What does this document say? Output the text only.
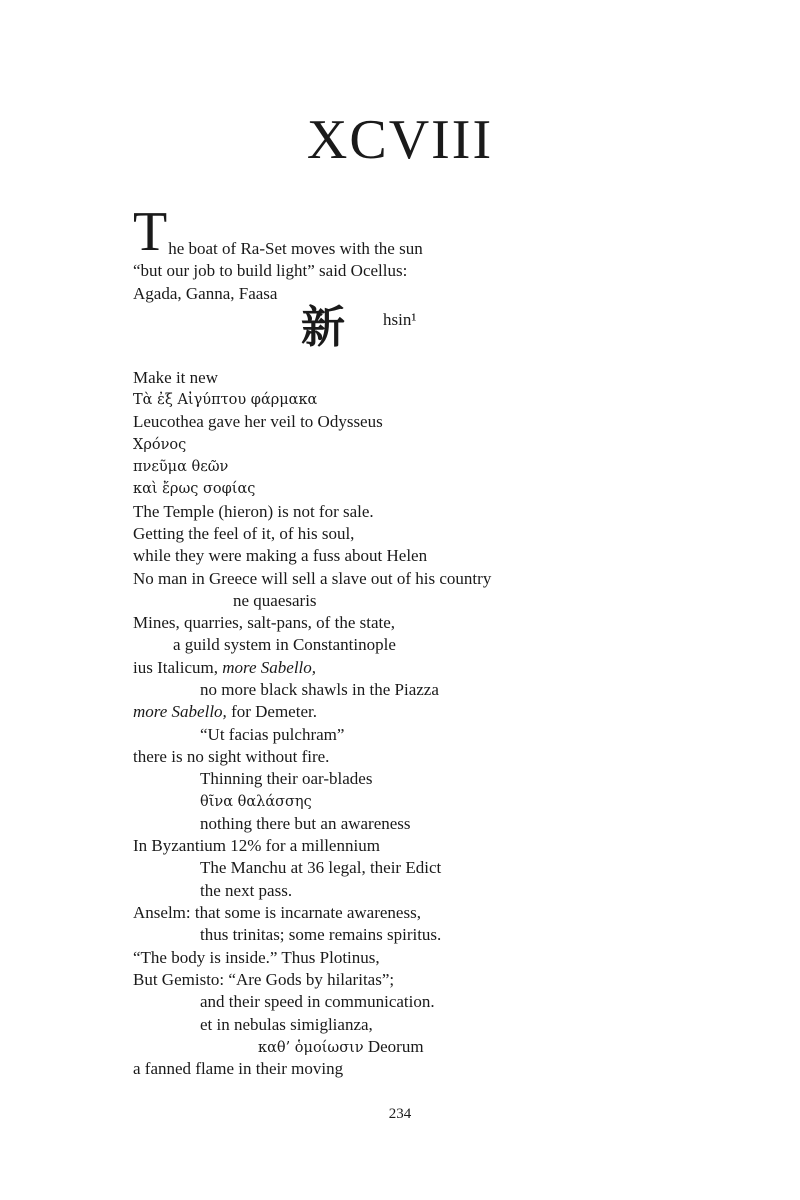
XCVIII
T he boat of Ra-Set moves with the sun
“but our job to build light” said Ocellus:
Agada, Ganna, Faasa
新 hsin¹
Make it new
Τὰ ἐξ Αἰγύπτου φάρμακα
Leucothea gave her veil to Odysseus
Χρόνος
πνεῦμα θεῶν
καὶ ἔρως σοφίας
The Temple (hieron) is not for sale.
Getting the feel of it, of his soul,
while they were making a fuss about Helen
No man in Greece will sell a slave out of his country
ne quaesaris
Mines, quarries, salt-pans, of the state,
a guild system in Constantinople
ius Italicum, more Sabello,
no more black shawls in the Piazza
more Sabello, for Demeter.
“Ut facias pulchram”
there is no sight without fire.
Thinning their oar-blades
θῖνα θαλάσσης
nothing there but an awareness
In Byzantium 12% for a millennium
The Manchu at 36 legal, their Edict
the next pass.
Anselm: that some is incarnate awareness,
thus trinitas; some remains spiritus.
“The body is inside.” Thus Plotinus,
But Gemisto: “Are Gods by hilaritas”;
and their speed in communication.
et in nebulas simiglianza,
καθ’ ὁμοίωσιν Deorum
a fanned flame in their moving
234
